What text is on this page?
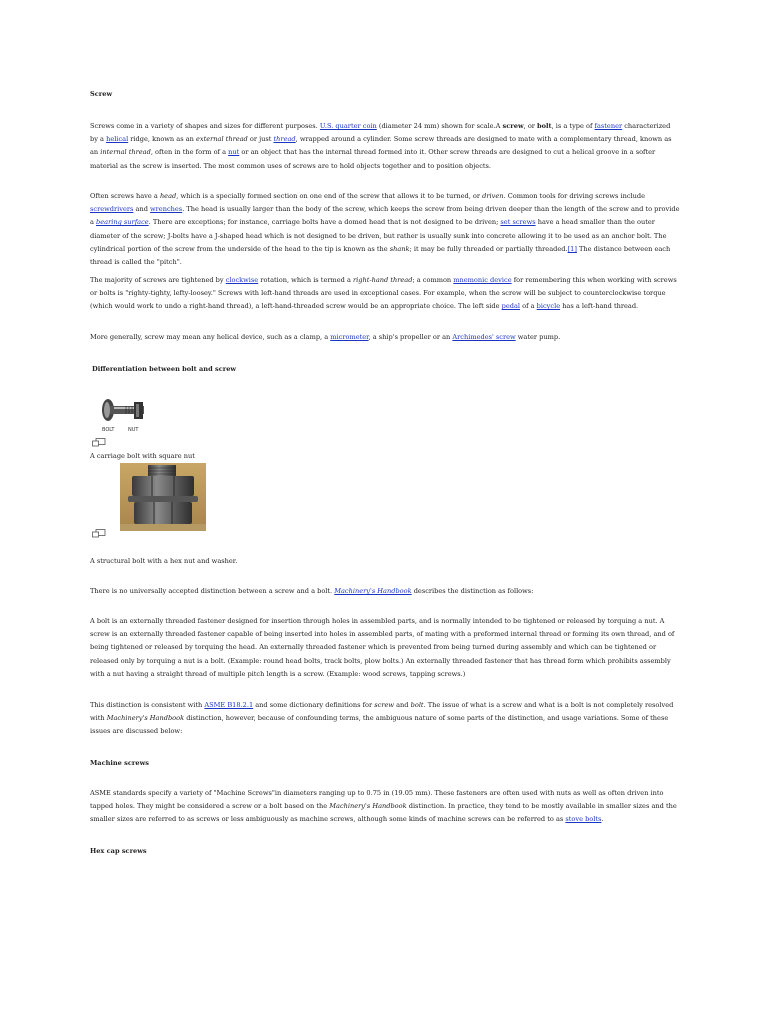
Screw

Screws come in a variety of shapes and sizes for different purposes. U.S. quarter coin (diameter 24 mm) shown for scale.A screw, or bolt, is a type of fastener characterized by a helical ridge, known as an external thread or just thread, wrapped around a cylinder. Some screw threads are designed to mate with a complementary thread, known as an internal thread, often in the form of a nut or an object that has the internal thread formed into it. Other screw threads are designed to cut a helical groove in a softer material as the screw is inserted. The most common uses of screws are to hold objects together and to position objects.

Often screws have a head, which is a specially formed section on one end of the screw that allows it to be turned, or driven. Common tools for driving screws include screwdrivers and wrenches. The head is usually larger than the body of the screw, which keeps the screw from being driven deeper than the length of the screw and to provide a bearing surface. There are exceptions; for instance, carriage bolts have a domed head that is not designed to be driven; set screws have a head smaller than the outer diameter of the screw; J-bolts have a J-shaped head which is not designed to be driven, but rather is usually sunk into concrete allowing it to be used as an anchor bolt. The cylindrical portion of the screw from the underside of the head to the tip is known as the shank; it may be fully threaded or partially threaded.[1] The distance between each thread is called the "pitch".

The majority of screws are tightened by clockwise rotation, which is termed a right-hand thread; a common mnemonic device for remembering this when working with screws or bolts is "righty-tighty, lefty-loosey." Screws with left-hand threads are used in exceptional cases. For example, when the screw will be subject to counterclockwise torque (which would work to undo a right-hand thread), a left-hand-threaded screw would be an appropriate choice. The left side pedal of a bicycle has a left-hand thread.

More generally, screw may mean any helical device, such as a clamp, a micrometer, a ship's propeller or an Archimedes' screw water pump.

Differentiation between bolt and screw
BOLT	NUT
A carriage bolt with square nut
A structural bolt with a hex nut and washer.

There is no universally accepted distinction between a screw and a bolt. Machinery's Handbook describes the distinction as follows:

A bolt is an externally threaded fastener designed for insertion through holes in assembled parts, and is normally intended to be tightened or released by torquing a nut. A screw is an externally threaded fastener capable of being inserted into holes in assembled parts, of mating with a preformed internal thread or forming its own thread, and of being tightened or released by torquing the head. An externally threaded fastener which is prevented from being turned during assembly and which can be tightened or released only by torquing a nut is a bolt. (Example: round head bolts, track bolts, plow bolts.) An externally threaded fastener that has thread form which prohibits assembly with a nut having a straight thread of multiple pitch length is a screw. (Example: wood screws, tapping screws.)

This distinction is consistent with ASME B18.2.1 and some dictionary definitions for screw and bolt. The issue of what is a screw and what is a bolt is not completely resolved with Machinery's Handbook distinction, however, because of confounding terms, the ambiguous nature of some parts of the distinction, and usage variations. Some of these issues are discussed below:

Machine screws

ASME standards specify a variety of "Machine Screws"in diameters ranging up to 0.75 in (19.05 mm). These fasteners are often used with nuts as well as often driven into tapped holes. They might be considered a screw or a bolt based on the Machinery's Handbook distinction. In practice, they tend to be mostly available in smaller sizes and the smaller sizes are referred to as screws or less ambiguously as machine screws, although some kinds of machine screws can be referred to as stove bolts.

Hex cap screws
